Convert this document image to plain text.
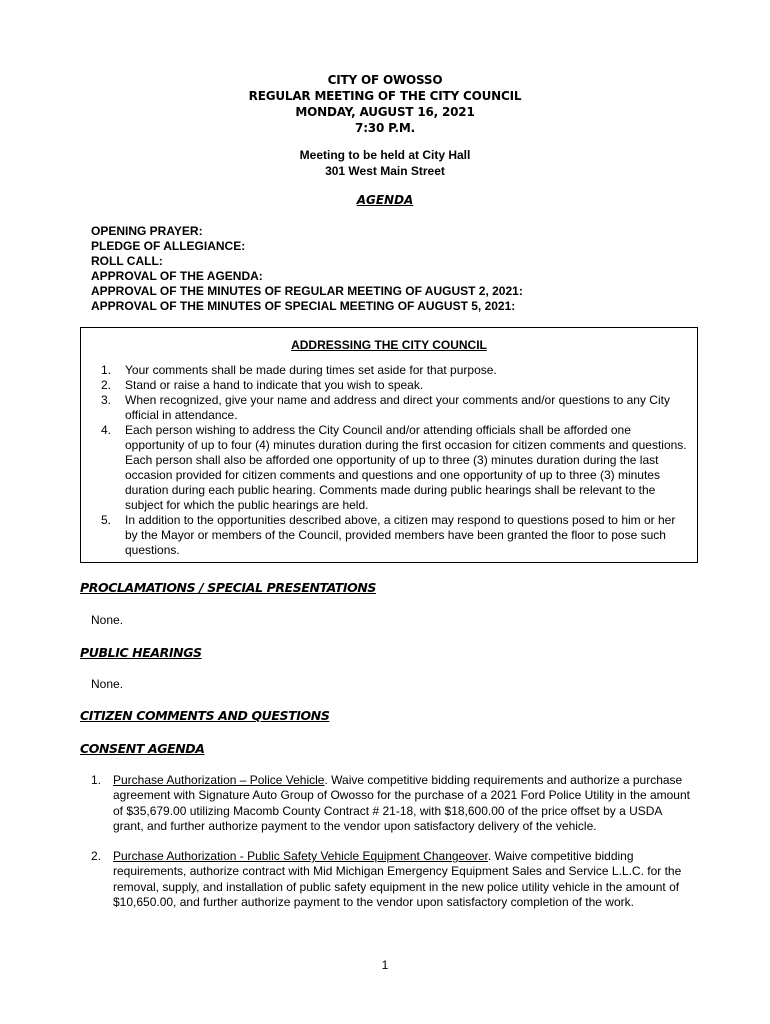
CITY OF OWOSSO
REGULAR MEETING OF THE CITY COUNCIL
MONDAY, AUGUST 16, 2021
7:30 P.M.
Meeting to be held at City Hall
301 West Main Street
AGENDA
OPENING PRAYER:
PLEDGE OF ALLEGIANCE:
ROLL CALL:
APPROVAL OF THE AGENDA:
APPROVAL OF THE MINUTES OF REGULAR MEETING OF AUGUST 2, 2021:
APPROVAL OF THE MINUTES OF SPECIAL MEETING OF AUGUST 5, 2021:
ADDRESSING THE CITY COUNCIL
1.	Your comments shall be made during times set aside for that purpose.
2.	Stand or raise a hand to indicate that you wish to speak.
3.	When recognized, give your name and address and direct your comments and/or questions to any City official in attendance.
4.	Each person wishing to address the City Council and/or attending officials shall be afforded one opportunity of up to four (4) minutes duration during the first occasion for citizen comments and questions. Each person shall also be afforded one opportunity of up to three (3) minutes duration during the last occasion provided for citizen comments and questions and one opportunity of up to three (3) minutes duration during each public hearing. Comments made during public hearings shall be relevant to the subject for which the public hearings are held.
5.	In addition to the opportunities described above, a citizen may respond to questions posed to him or her by the Mayor or members of the Council, provided members have been granted the floor to pose such questions.
PROCLAMATIONS / SPECIAL PRESENTATIONS
None.
PUBLIC HEARINGS
None.
CITIZEN COMMENTS AND QUESTIONS
CONSENT AGENDA
1. Purchase Authorization – Police Vehicle. Waive competitive bidding requirements and authorize a purchase agreement with Signature Auto Group of Owosso for the purchase of a 2021 Ford Police Utility in the amount of $35,679.00 utilizing Macomb County Contract # 21-18, with $18,600.00 of the price offset by a USDA grant, and further authorize payment to the vendor upon satisfactory delivery of the vehicle.
2. Purchase Authorization - Public Safety Vehicle Equipment Changeover. Waive competitive bidding requirements, authorize contract with Mid Michigan Emergency Equipment Sales and Service L.L.C. for the removal, supply, and installation of public safety equipment in the new police utility vehicle in the amount of $10,650.00, and further authorize payment to the vendor upon satisfactory completion of the work.
1
